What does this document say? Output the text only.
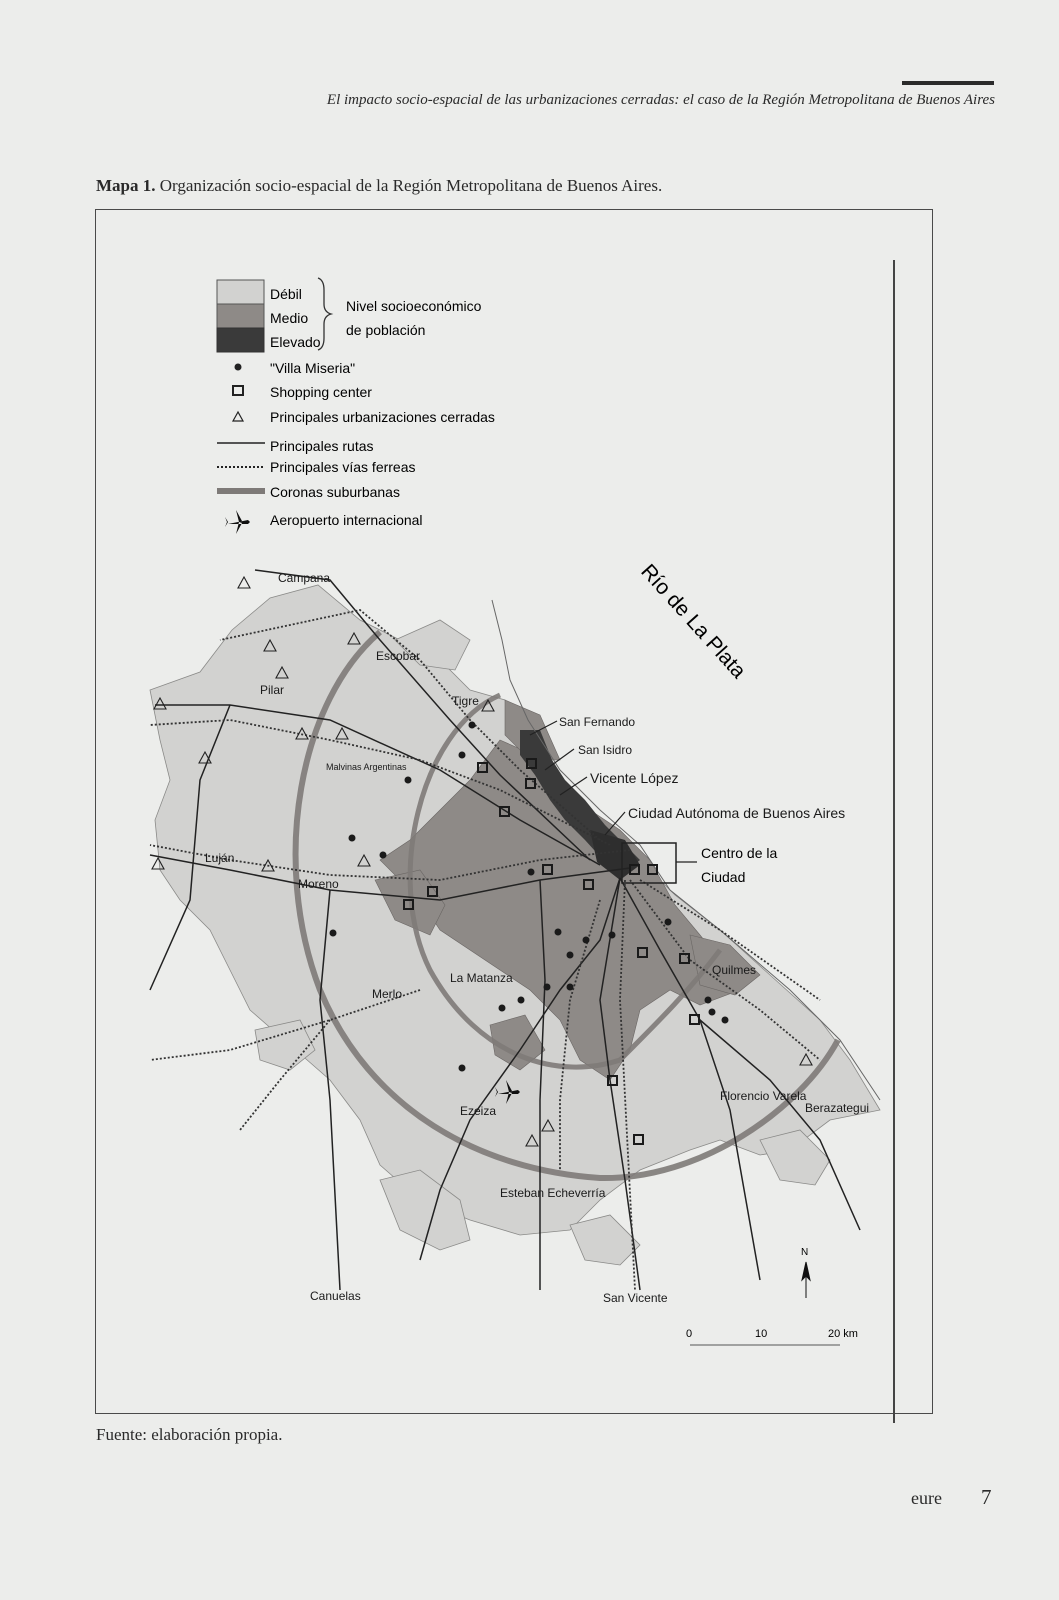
El impacto socio-espacial de las urbanizaciones cerradas: el caso de la Región Metropolitana de Buenos Aires
Mapa 1. Organización socio-espacial de la Región Metropolitana de Buenos Aires.
Débil
Medio
Elevado
Nivel socioeconómico
de población
"Villa Miseria"
Shopping center
Principales urbanizaciones cerradas
Principales rutas
Principales vías ferreas
Coronas suburbanas
Aeropuerto internacional
Río de La Plata
Centro de la
Ciudad
Campana
Escobar
Pilar
Tigre
San Fernando
San Isidro
Vicente López
Ciudad Autónoma de Buenos Aires
Malvinas Argentinas
Luján
Moreno
La Matanza
Merlo
Quilmes
Florencio Varela
Berazategui
Ezeiza
Esteban Echeverría
Canuelas	San Vicente
N
0	10	20 km
Fuente: elaboración propia.
eure 7
